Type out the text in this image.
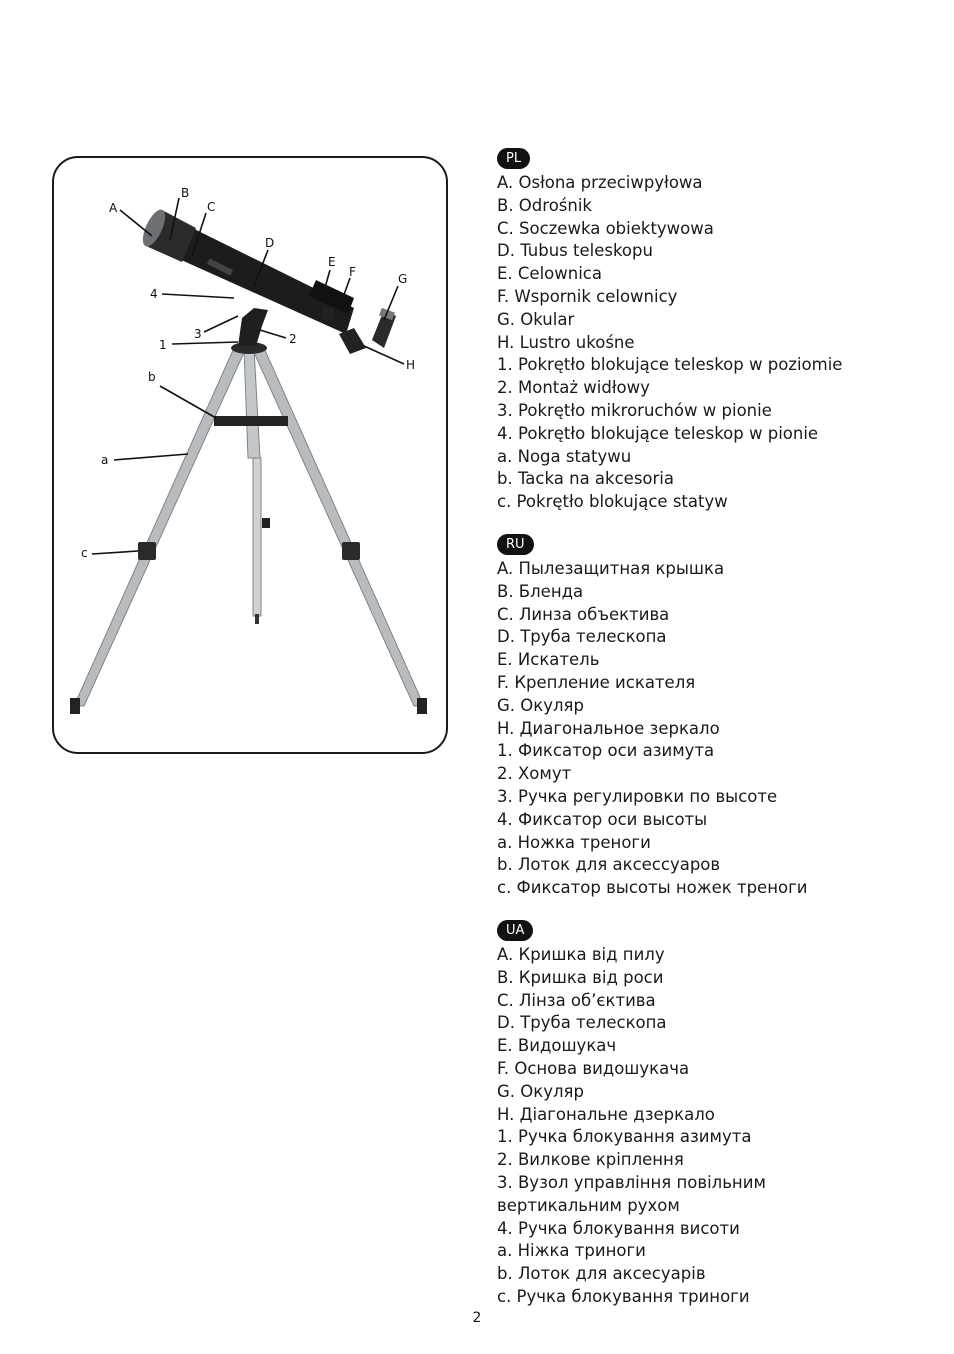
A
B
C
D
E
F	G
H
4
3	2
1
b
a
c
PL
A. Osłona przeciwpyłowa
B. Odrośnik
C. Soczewka obiektywowa
D. Tubus teleskopu
E. Celownica
F. Wspornik celownicy
G. Okular
H. Lustro ukośne
1. Pokrętło blokujące teleskop w poziomie
2. Montaż widłowy
3. Pokrętło mikroruchów w pionie
4. Pokrętło blokujące teleskop w pionie
a. Noga statywu
b. Tacka na akcesoria
c. Pokrętło blokujące statyw
RU
A. Пылезащитная крышка
B. Бленда
C. Линза объектива
D. Труба телескопа
E. Искатель
F. Крепление искателя
G. Окуляр
H. Диагональное зеркало
1. Фиксатор оси азимута
2. Хомут
3. Ручка регулировки по высоте
4. Фиксатор оси высоты
a. Ножка треноги
b. Лоток для аксессуаров
c. Фиксатор высоты ножек треноги
UA
A. Кришка від пилу
B. Кришка від роси
C. Лінза об’єктива
D. Труба телескопа
E. Видошукач
F. Основа видошукача
G. Окуляр
H. Діагональне дзеркало
1. Ручка блокування азимута
2. Вилкове кріплення
3. Вузол управління повільним вертикальним рухом
4. Ручка блокування висоти
a. Ніжка триноги
b. Лоток для аксесуарів
c. Ручка блокування триноги
2
